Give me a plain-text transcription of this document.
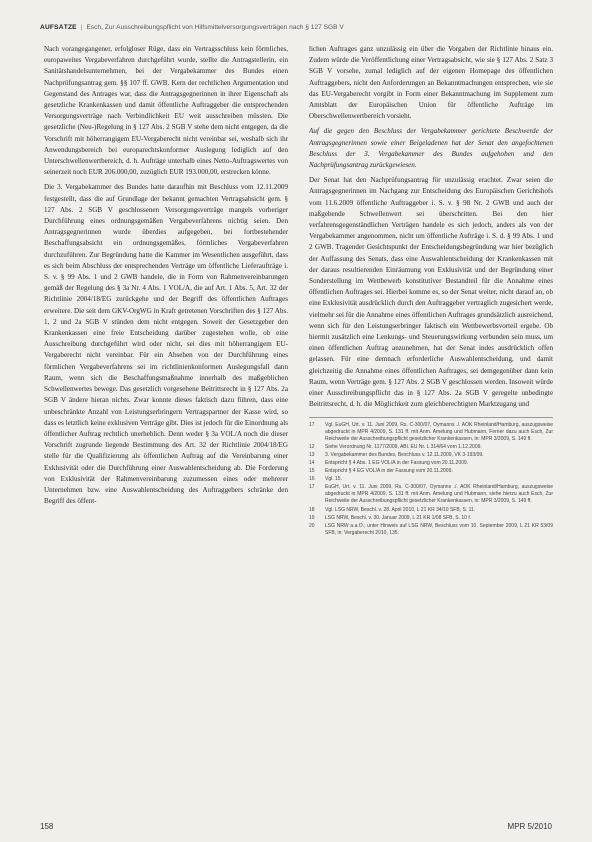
AUFSÄTZE | Esch, Zur Ausschreibungspflicht von Hilfsmittelversorgungsverträgen nach § 127 SGB V

Nach vorangegangener, erfolgloser Rüge, dass ein Vertragsschluss kein förmliches, europaweites Vergabeverfahren durchgeführt wurde, stellte die Antragstellerin, ein Sanitätshandelsunternehmen, bei der Vergabekammer des Bundes einen Nachprüfungsantrag gem. §§ 107 ff. GWB. Kern der rechtlichen Argumentation und Gegenstand des Antrages war, dass die Antragsgegnerinnen in ihrer Eigenschaft als gesetzliche Krankenkassen und damit öffentliche Auftraggeber die entsprechenden Versorgungsverträge nach Verbindlichkeit EU weit ausschreiben müssten. Die gesetzliche (Neu-)Regelung in § 127 Abs. 2 SGB V stehe dem nicht entgegen, da die Vorschrift mit höherrangigem EU-Vergaberecht nicht vereinbar sei, weshalb sich ihr Anwendungsbereich bei europarechtskonformer Auslegung lediglich auf den Unterschwellenwertbereich, d. h. Aufträge unterhalb eines Netto-Auftragswertes von seinerzeit noch EUR 206.000,00, zuzüglich EUR 193.000,00, erstrecken könne.

Die 3. Vergabekammer des Bundes hatte daraufhin mit Beschluss vom 12.11.2009 festgestellt, dass die auf Grundlage der bekannt gemachten Vertragsabsicht gem. § 127 Abs. 2 SGB V geschlossenen Versorgungsverträge mangels vorheriger Durchführung eines ordnungsgemäßen Vergabeverfahrens nichtig seien. Den Antragsgegnerinnen wurde überdies aufgegeben, bei fortbestehender Beschaffungsabsicht ein ordnungsgemäßes, förmliches Vergabeverfahren durchzuführen. Zur Begründung hatte die Kammer im Wesentlichen ausgeführt, dass es sich beim Abschluss der entsprechenden Verträge um öffentliche Lieferaufträge i. S. v. § 99 Abs. 1 und 2 GWB handele, die in Form von Rahmenvereinbarungen gemäß der Regelung des § 3a Nr. 4 Abs. 1 VOL/A, die auf Art. 1 Abs. 5, Art. 32 der Richtlinie 2004/18/EG zurückgehe und der Begriff des öffentlichen Auftrages erweitere. Die seit dem GKV-OrgWG in Kraft getretenen Vorschriften des § 127 Abs. 1, 2 und 2a SGB V stünden dem nicht entgegen. Soweit der Gesetzgeber den Krankenkassen eine freie Entscheidung darüber zugestehen wolle, ob eine Ausschreibung durchgeführt wird oder nicht, sei dies mit höherrangigem EU-Vergaberecht nicht vereinbar. Für ein Absehen von der Durchführung eines förmlichen Vergabeverfahrens sei im richtlinienkonformen Auslegungsfall dann Raum, wenn sich die Beschaffungsmaßnahme innerhalb des maßgeblichen Schwellenwertes bewege. Das gesetzlich vorgesehene Beitrittsrecht in § 127 Abs. 2a SGB V ändere hieran nichts. Zwar konnte dieses faktisch dazu führen, dass eine unbeschränkte Anzahl von Leistungserbringern Vertragspartner der Kasse wird, so dass es letztlich keine exklusiven Verträge gibt. Dies ist jedoch für die Einordnung als öffentlicher Auftrag rechtlich unerheblich. Denn weder § 3a VOL/A noch die dieser Vorschrift zugrunde liegende Bestimmung des Art. 32 der Richtlinie 2004/18/EG stelle für die Qualifizierung als öffentlichen Auftrag auf die Vereinbarung einer Exklusivität oder die Durchführung einer Auswahlentscheidung ab. Die Forderung von Exklusivität der Rahmenvereinbarung zuzumessen eines oder mehrerer Unternehmen bzw. eine Auswahlentscheidung des Auftraggebers schränke den Begriff des öffent-

lichen Auftrages ganz unzulässig ein über die Vorgaben der Richtlinie hinaus ein. Zudem würde die Veröffentlichung einer Vertragsabsicht, wie sie § 127 Abs. 2 Satz 3 SGB V vorsehe, zumal lediglich auf der eigenen Homepage des öffentlichen Auftraggebers, nicht den Anforderungen an Bekanntmachungen entsprechen, wie sie das EU-Vergaberecht vorgibt in Form einer Bekanntmachung im Supplement zum Amtsblatt der Europäischen Union für öffentliche Aufträge im Oberschwellenwertbereich vorsieht.

Auf die gegen den Beschluss der Vergabekammer gerichtete Beschwerde der Antragsgegnerinnen sowie einer Beigeladenen hat der Senat den angefochtenen Beschluss der 3. Vergabekammer des Bundes aufgehoben und den Nachprüfungsantrag zurückgewiesen.

Der Senat hat den Nachprüfungsantrag für unzulässig erachtet. Zwar seien die Antragsgegnerinnen im Nachgang zur Entscheidung des Europäischen Gerichtshofs vom 11.6.2009 öffentliche Auftraggeber i. S. v. § 98 Nr. 2 GWB und auch der maßgebende Schwellenwert sei überschritten. Bei den hier verfahrensgegenständlichen Verträgen handele es sich jedoch, anders als von der Vergabekammer angenommen, nicht um öffentliche Aufträge i. S. d. § 99 Abs. 1 und 2 GWB. Tragender Gesichtspunkt der Entscheidungsbegründung war hier bezüglich der Auffassung des Senats, dass eine Auswahlentscheidung der Krankenkassen mit der daraus resultierenden Einräumung von Exklusivität und der Begründung einer Sonderstellung im Wettbewerb konstitutiver Bestandteil für die Annahme eines öffentlichen Auftrages sei. Hierbei komme es, so der Senat weiter, nicht darauf an, ob eine Exklusivität ausdrücklich durch den Auftraggeber vertraglich zugesichert werde, vielmehr sei für die Annahme eines öffentlichen Auftrages grundsätzlich ausreichend, wenn sich für den Leistungserbringer faktisch ein Wettbewerbsvorteil ergebe. Ob hiermit zusätzlich eine Lenkungs- und Steuerungswirkung verbunden sein muss, um einen öffentlichen Auftrag anzunehmen, hat der Senat indes ausdrücklich offen gelassen. Für eine demnach erforderliche Auswahlentscheidung, und damit gleichzeitig die Annahme eines öffentlichen Auftrages, sei demgegenüber dann kein Raum, wenn Verträge gem. § 127 Abs. 2 SGB V geschlossen werden. Insoweit würde einer Ausschreibungspflicht das in § 127 Abs. 2a SGB V geregelte unbedingte Beitrittsrecht, d. h. die Möglichkeit zum gleichberechtigten Marktzugang und

17	Vgl. EuGH, Urt. v. 11. Juni 2009, Rs. C-300/07, Oymanns ./. AOK Rheinland/Hamburg, auszugsweise abgedruckt in MPR 4/2009, S. 131 ff. mit Anm. Amelung und Hubmann, Ferner dazu auch Esch, Zur Reichweite der Ausschreibungspflicht gesetzlicher Krankenkassen, in: MPR 3/2009, S. 149 ff.
12	Siehe Verordnung Nr. 1177/2009, ABl. EU Nr. L 314/64 vom 1.12.2009.
13	3. Vergabekammer des Bundes, Beschluss v. 12.11.2009, VK 3-193/09.
14	Entspricht § 4 Abs. 1 EG VOL/A in der Fassung vom 20.11.2009.
15	Entspricht § 4 EG VOL/A in der Fassung vom 20.11.2009.
16	Vgl. 15.
17	EuGH, Urt. v. 11. Juni 2009, Rs. C-300/07, Oymanns ./. AOK Rheinland/Hamburg, auszugsweise abgedruckt in MPR 4/2009, S. 131 ff. mit Anm. Amelung und Hubmann, siehe hierzu auch Esch, Zur Reichweite der Ausschreibungspflicht gesetzlicher Krankenkassen, in: MPR 3/2009, S. 149 ff.
18	Vgl. LSG NRW, Beschl. v. 28. April 2010, L 21 KR 34/10 SFB, S. 11.
19	LSG NRW, Beschl. v. 30. Januar 2009, L 21 KR 1/08 SFB, S. 10 f.
20	LSG NRW a.a.O.; unter Hinweis auf LSG NRW, Beschluss vom 10. September 2009, L 21 KR 53/09 SFB, in: Vergaberecht 2010, 135.
158	MPR 5/2010
